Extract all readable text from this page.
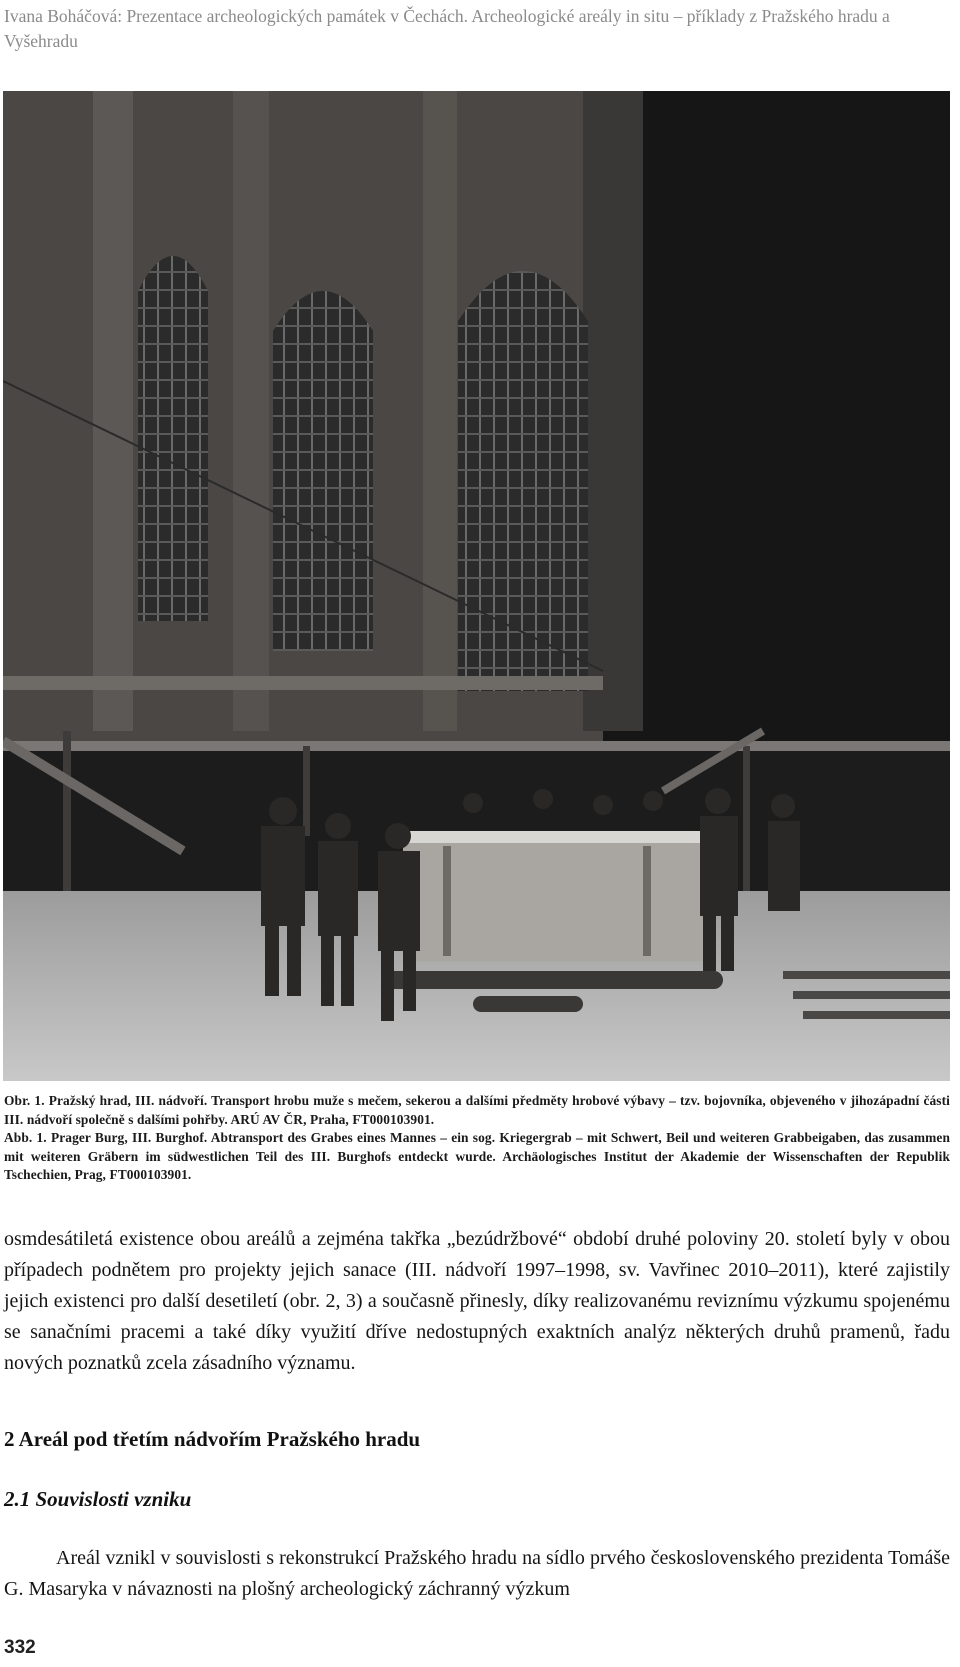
Ivana Boháčová: Prezentace archeologických památek v Čechách. Archeologické areály in situ – příklady z Pražského hradu a Vyšehradu

Obr. 1. Pražský hrad, III. nádvoří. Transport hrobu muže s mečem, sekerou a dalšími předměty hrobové výbavy – tzv. bojovníka, objeveného v jihozápadní části III. nádvoří společně s dalšími pohřby. ARÚ AV ČR, Praha, FT000103901.

Abb. 1. Prager Burg, III. Burghof. Abtransport des Grabes eines Mannes – ein sog. Kriegergrab – mit Schwert, Beil und weiteren Grabbeigaben, das zusammen mit weiteren Gräbern im südwestlichen Teil des III. Burghofs entdeckt wurde. Archäologisches Institut der Akademie der Wissenschaften der Republik Tschechien, Prag, FT000103901.

osmdesátiletá existence obou areálů a zejména takřka „bezúdržbové“ období druhé poloviny 20. století byly v obou případech podnětem pro projekty jejich sanace (III. nádvoří 1997–1998, sv. Vavřinec 2010–2011), které zajistily jejich existenci pro další desetiletí (obr. 2, 3) a současně přinesly, díky realizovanému reviznímu výzkumu spojenému se sanačními pracemi a také díky využití dříve nedostupných exaktních analýz některých druhů pramenů, řadu nových poznatků zcela zásadního významu.

2 Areál pod třetím nádvořím Pražského hradu
2.1 Souvislosti vzniku

Areál vznikl v souvislosti s rekonstrukcí Pražského hradu na sídlo prvého československého prezidenta Tomáše G. Masaryka v návaznosti na plošný archeologický záchranný výzkum

332
